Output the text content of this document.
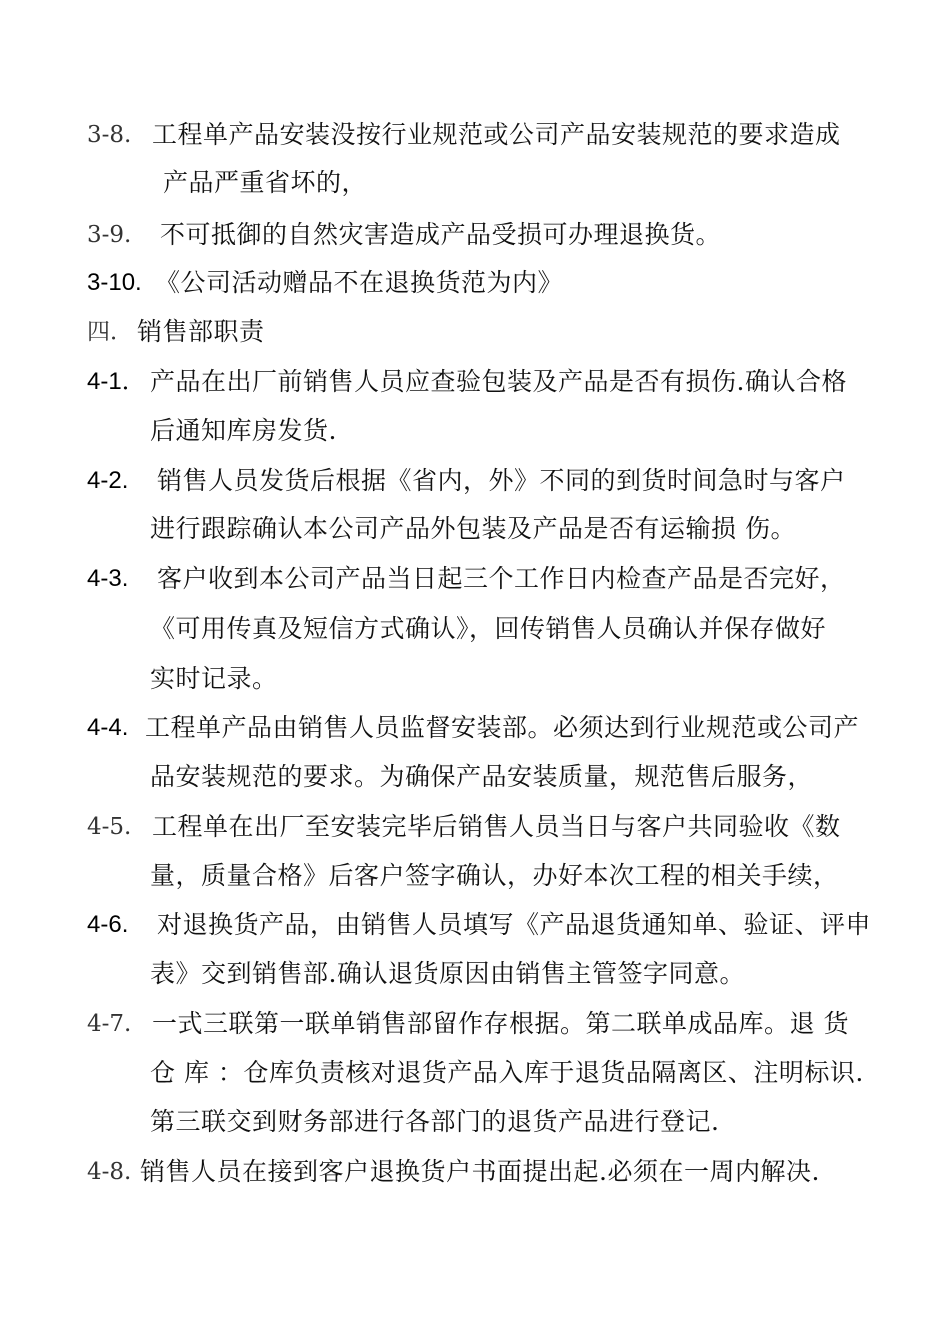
3-8. 工程单产品安装没按行业规范或公司产品安装规范的要求造成
产品严重省坏的，
3-9. 不可抵御的自然灾害造成产品受损可办理退换货。
3-10. 《公司活动赠品不在退换货范为内》
四． 销售部职责
4-1． 产品在出厂前销售人员应查验包装及产品是否有损伤.确认合格
后通知库房发货.
4-2. 销售人员发货后根据《省内，外》不同的到货时间急时与客户
进行跟踪确认本公司产品外包装及产品是否有运输损 伤。
4-3. 客户收到本公司产品当日起三个工作日内检查产品是否完好，
《可用传真及短信方式确认》，回传销售人员确认并保存做好
实时记录。
4-4. 工程单产品由销售人员监督安装部。必须达到行业规范或公司产
品安装规范的要求。为确保产品安装质量，规范售后服务，
4-5. 工程单在出厂至安装完毕后销售人员当日与客户共同验收《数
量，质量合格》后客户签字确认，办好本次工程的相关手续，
4-6. 对退换货产品，由销售人员填写《产品退货通知单、验证、评申
表》交到销售部.确认退货原因由销售主管签字同意。
4-7. 一式三联第一联单销售部留作存根据。第二联单成品库。退 货
仓 库 ：仓库负责核对退货产品入库于退货品隔离区、注明标识.
第三联交到财务部进行各部门的退货产品进行登记.
4-8. 销售人员在接到客户退换货户书面提出起.必须在一周内解决.
